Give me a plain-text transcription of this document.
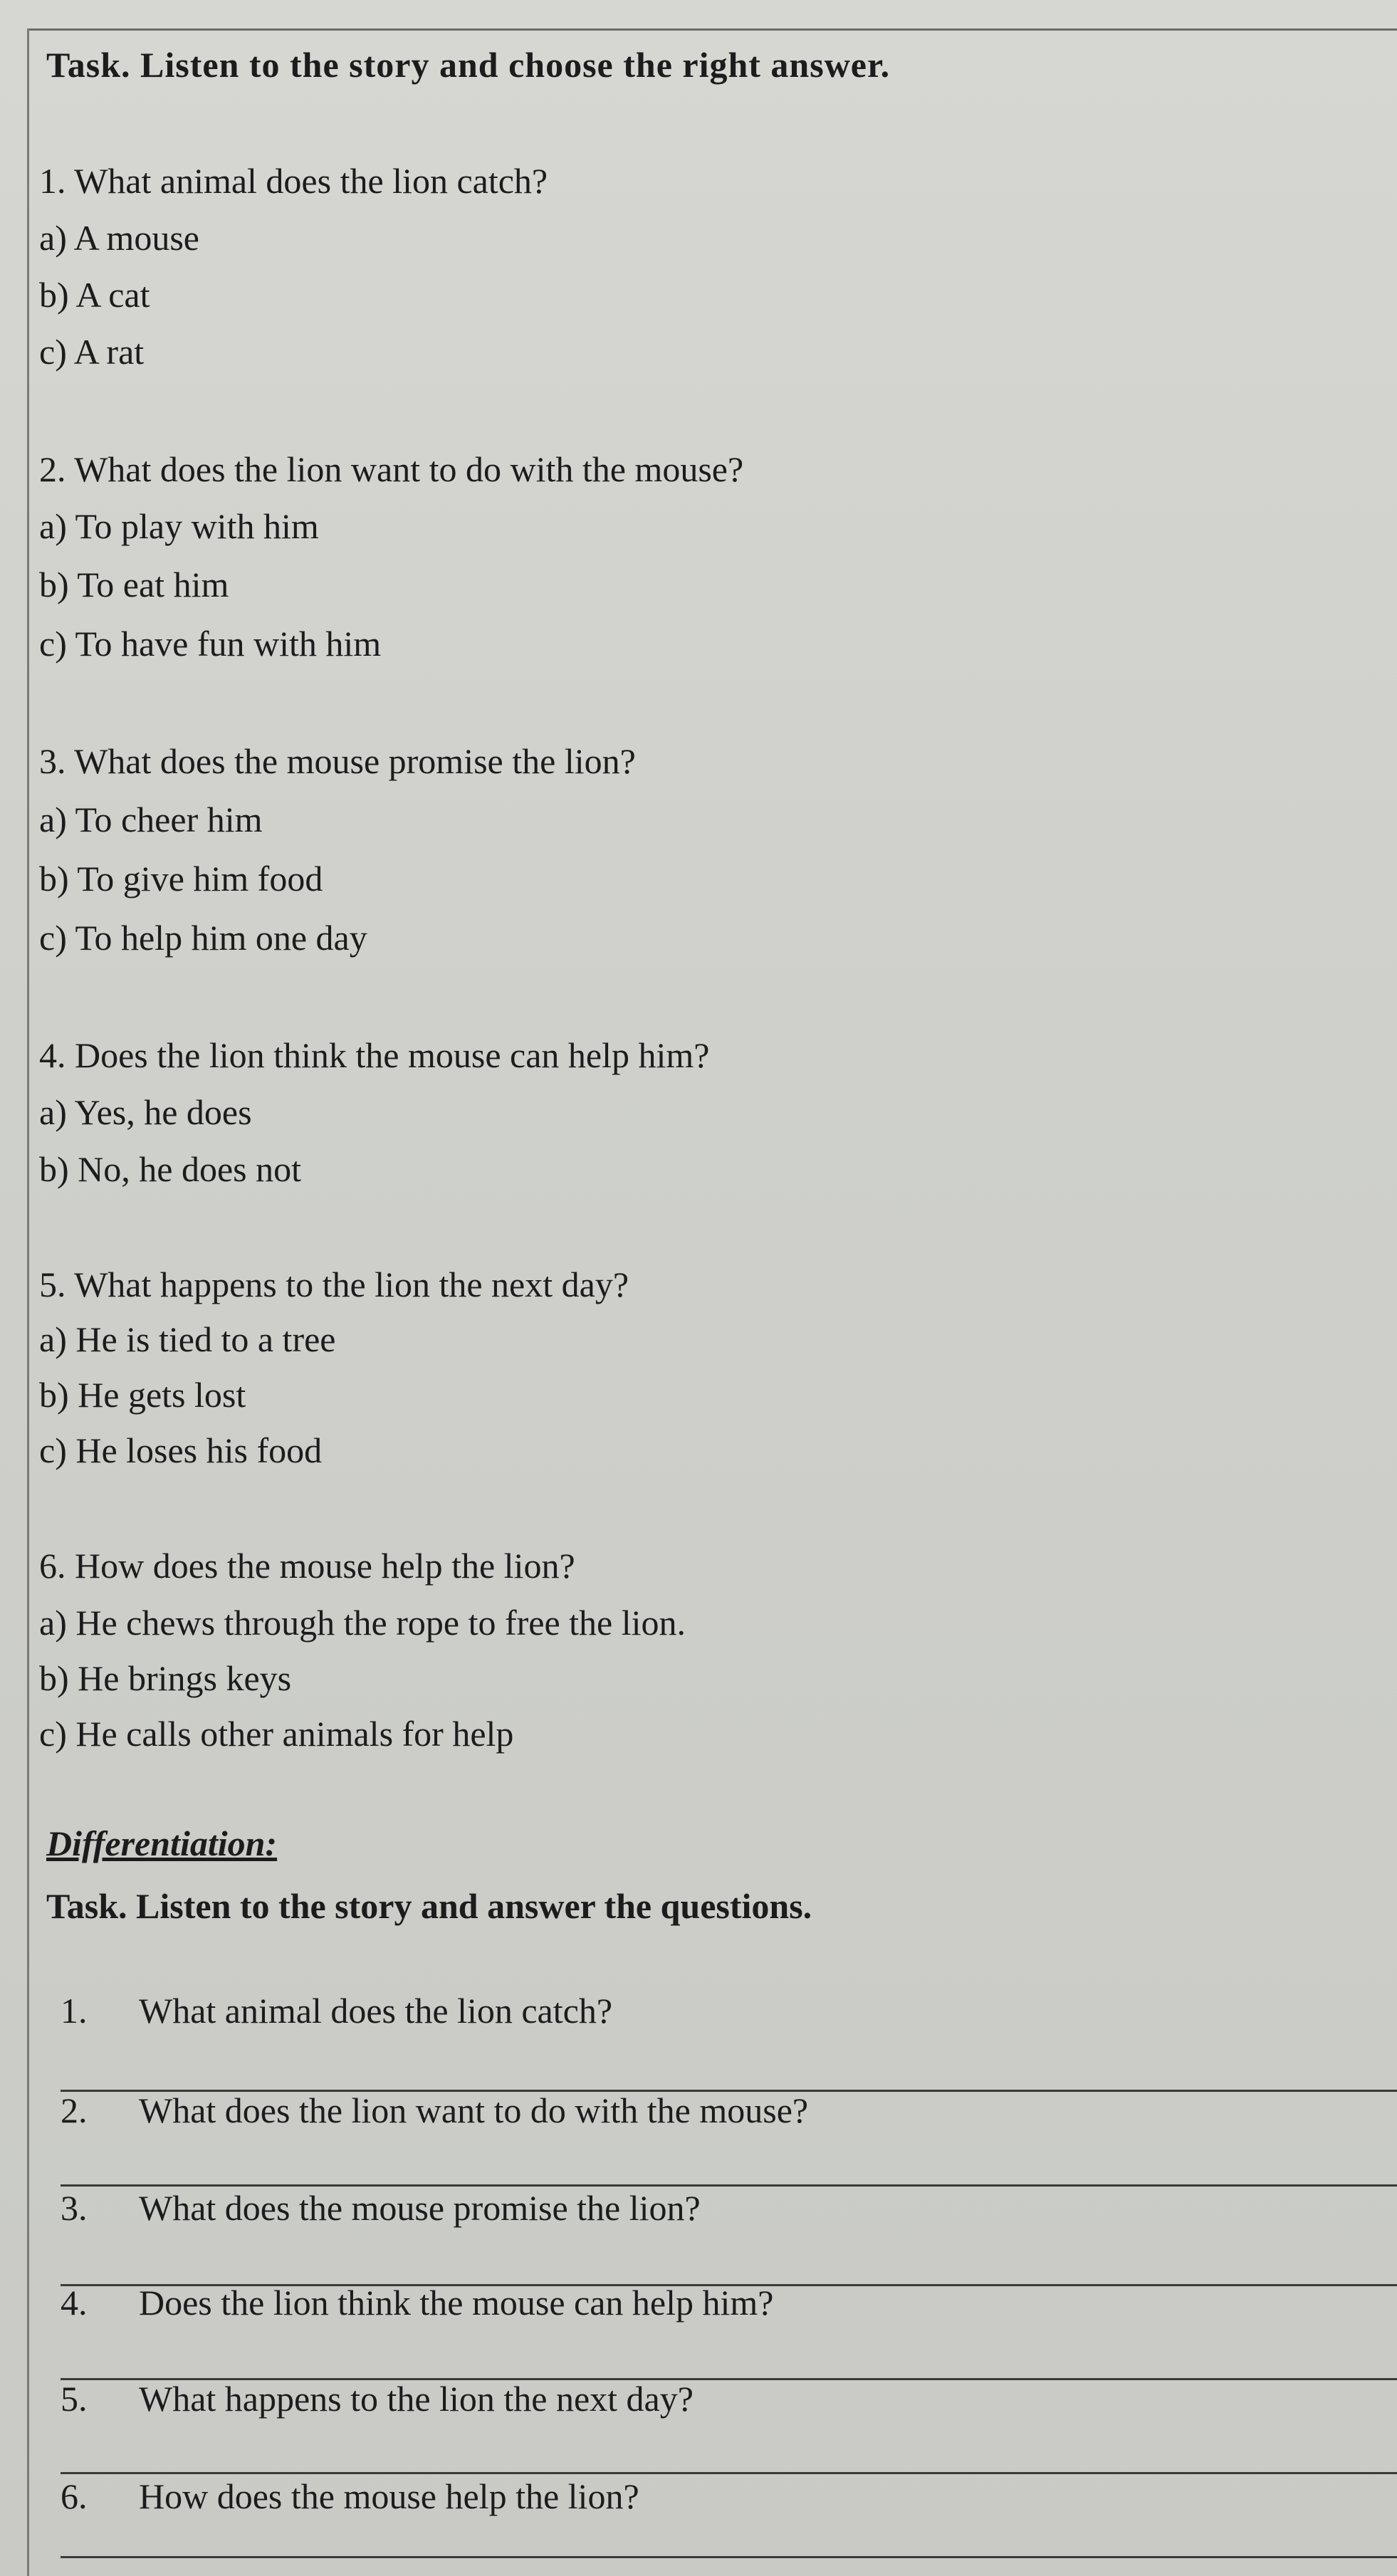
Task. Listen to the story and choose the right answer.
1. What animal does the lion catch?
a) A mouse
b) A cat
c) A rat
2. What does the lion want to do with the mouse?
a) To play with him
b) To eat him
c) To have fun with him
3. What does the mouse promise the lion?
a) To cheer him
b) To give him food
c) To help him one day
4. Does the lion think the mouse can help him?
a) Yes, he does
b) No, he does not
5. What happens to the lion the next day?
a) He is tied to a tree
b) He gets lost
c) He loses his food
6. How does the mouse help the lion?
a) He chews through the rope to free the lion.
b) He brings keys
c) He calls other animals for help
Differentiation:
Task. Listen to the story and answer the questions.
1. What animal does the lion catch?
2. What does the lion want to do with the mouse?
3. What does the mouse promise the lion?
4. Does the lion think the mouse can help him?
5. What happens to the lion the next day?
6. How does the mouse help the lion?
